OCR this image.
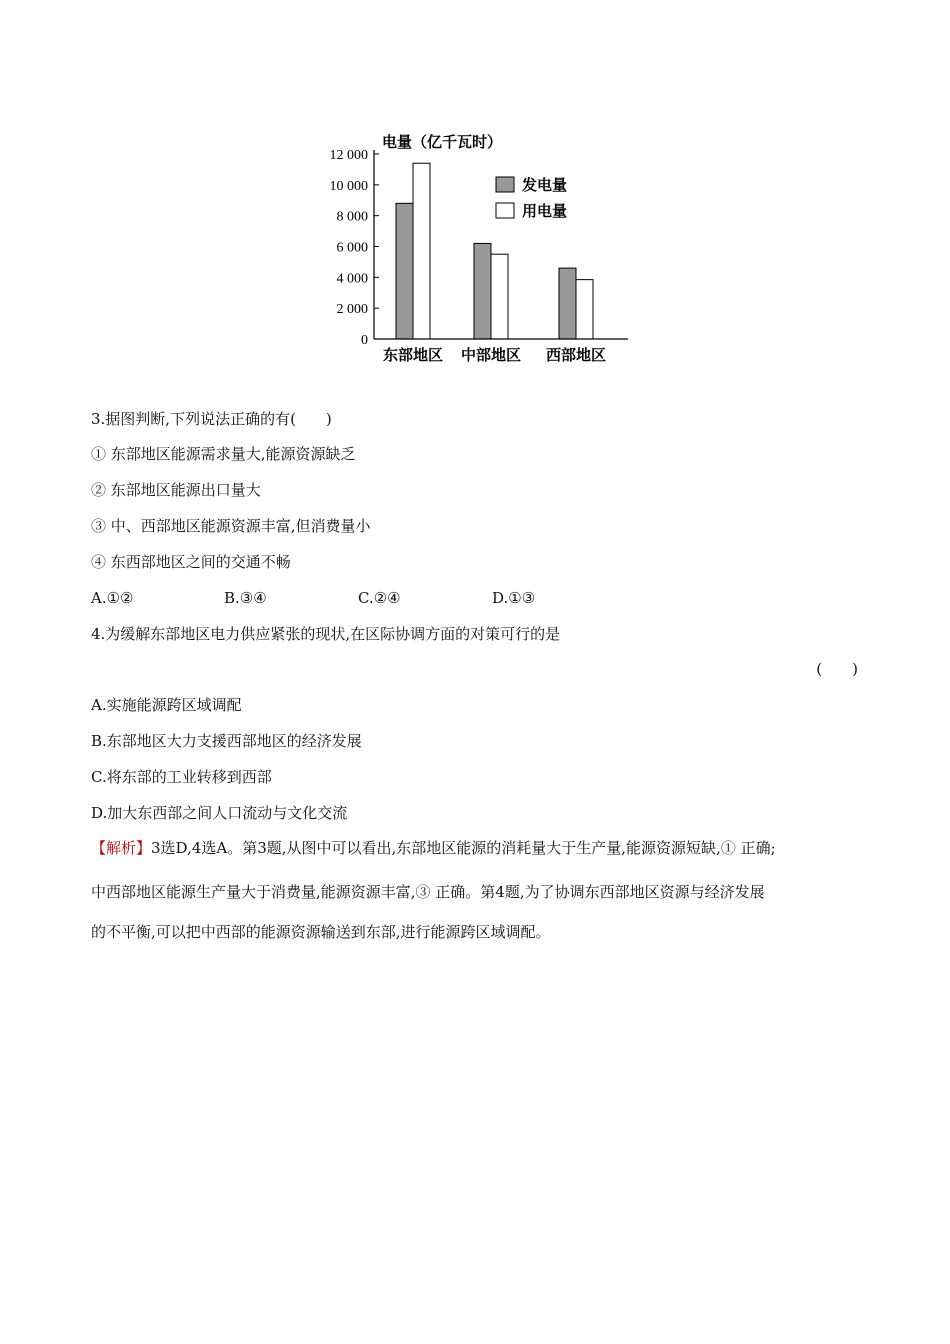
0
2 000
4 000
6 000
8 000
10 000
12 000
电量（亿千瓦时）
发电量
用电量
东部地区 中部地区 西部地区
3.据图判断,下列说法正确的有(　　)
① 东部地区能源需求量大,能源资源缺乏
② 东部地区能源出口量大
③ 中、西部地区能源资源丰富,但消费量小
④ 东西部地区之间的交通不畅
A.①②	B.③④	C.②④	D.①③
4.为缓解东部地区电力供应紧张的现状,在区际协调方面的对策可行的是
(　　)
A.实施能源跨区域调配
B.东部地区大力支援西部地区的经济发展
C.将东部的工业转移到西部
D.加大东西部之间人口流动与文化交流
【解析】3选D,4选A。第3题,从图中可以看出,东部地区能源的消耗量大于生产量,能源资源短缺,① 正确;
中西部地区能源生产量大于消费量,能源资源丰富,③ 正确。第4题,为了协调东西部地区资源与经济发展
的不平衡,可以把中西部的能源资源输送到东部,进行能源跨区域调配。
